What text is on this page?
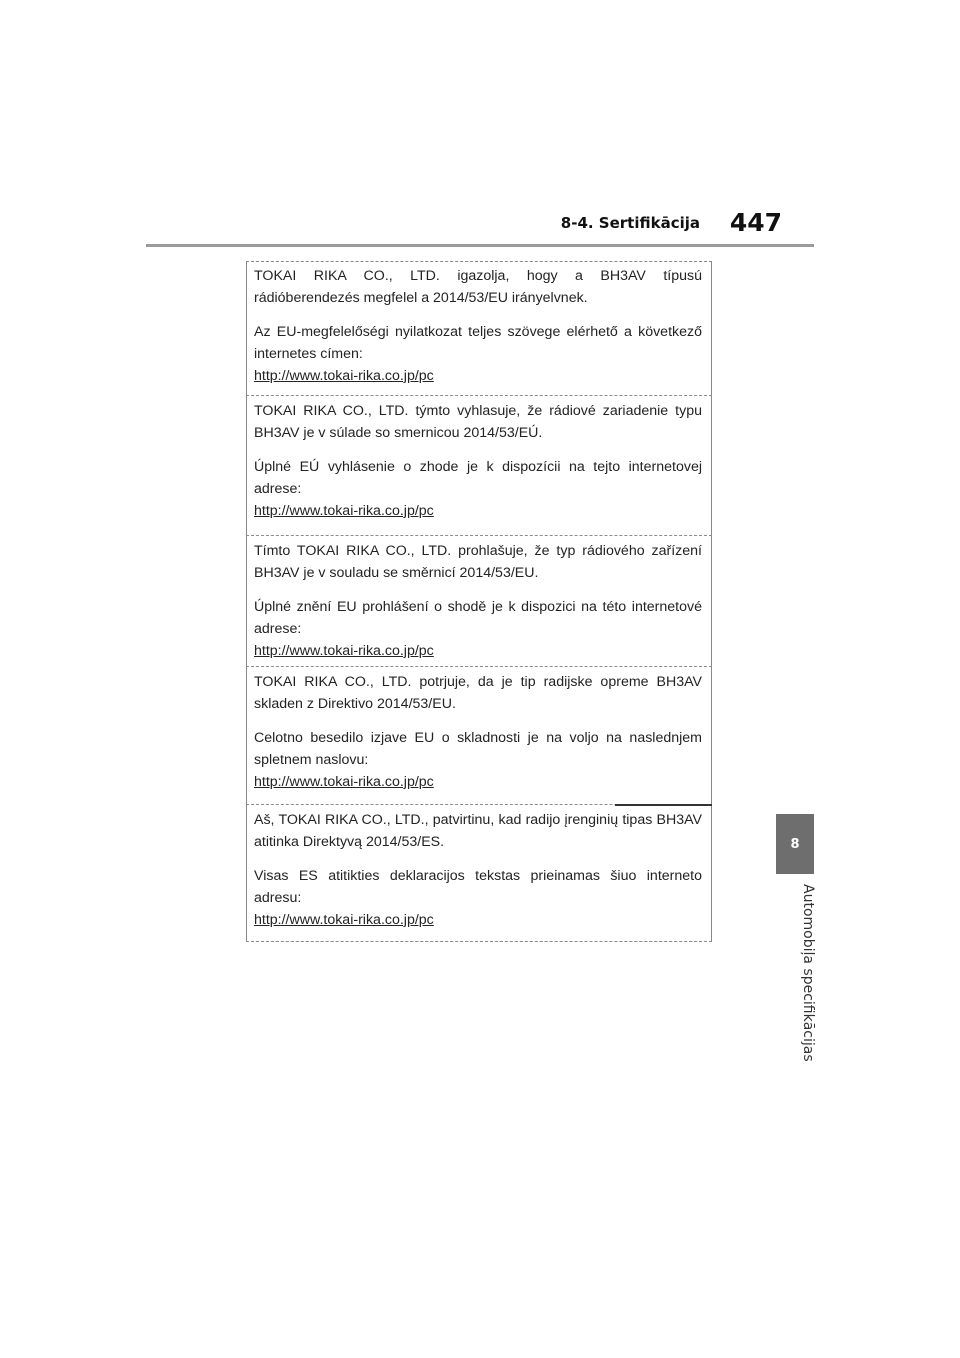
8-4. Sertifikācija	447
8
Automobiļa specifikācijas

TOKAI RIKA CO., LTD. igazolja, hogy a BH3AV típusú rádióberendezés megfelel a 2014/53/EU irányelvnek.

Az EU-megfelelőségi nyilatkozat teljes szövege elérhető a következő internetes címen:

http://www.tokai-rika.co.jp/pc

TOKAI RIKA CO., LTD. týmto vyhlasuje, že rádiové zariadenie typu BH3AV je v súlade so smernicou 2014/53/EÚ.

Úplné EÚ vyhlásenie o zhode je k dispozícii na tejto internetovej adrese:

http://www.tokai-rika.co.jp/pc

Tímto TOKAI RIKA CO., LTD. prohlašuje, že typ rádiového zařízení BH3AV je v souladu se směrnicí 2014/53/EU.

Úplné znění EU prohlášení o shodě je k dispozici na této internetové adrese:

http://www.tokai-rika.co.jp/pc

TOKAI RIKA CO., LTD. potrjuje, da je tip radijske opreme BH3AV skladen z Direktivo 2014/53/EU.

Celotno besedilo izjave EU o skladnosti je na voljo na naslednjem spletnem naslovu:

http://www.tokai-rika.co.jp/pc

Aš, TOKAI RIKA CO., LTD., patvirtinu, kad radijo įrenginių tipas BH3AV atitinka Direktyvą 2014/53/ES.

Visas ES atitikties deklaracijos tekstas prieinamas šiuo interneto adresu:

http://www.tokai-rika.co.jp/pc
